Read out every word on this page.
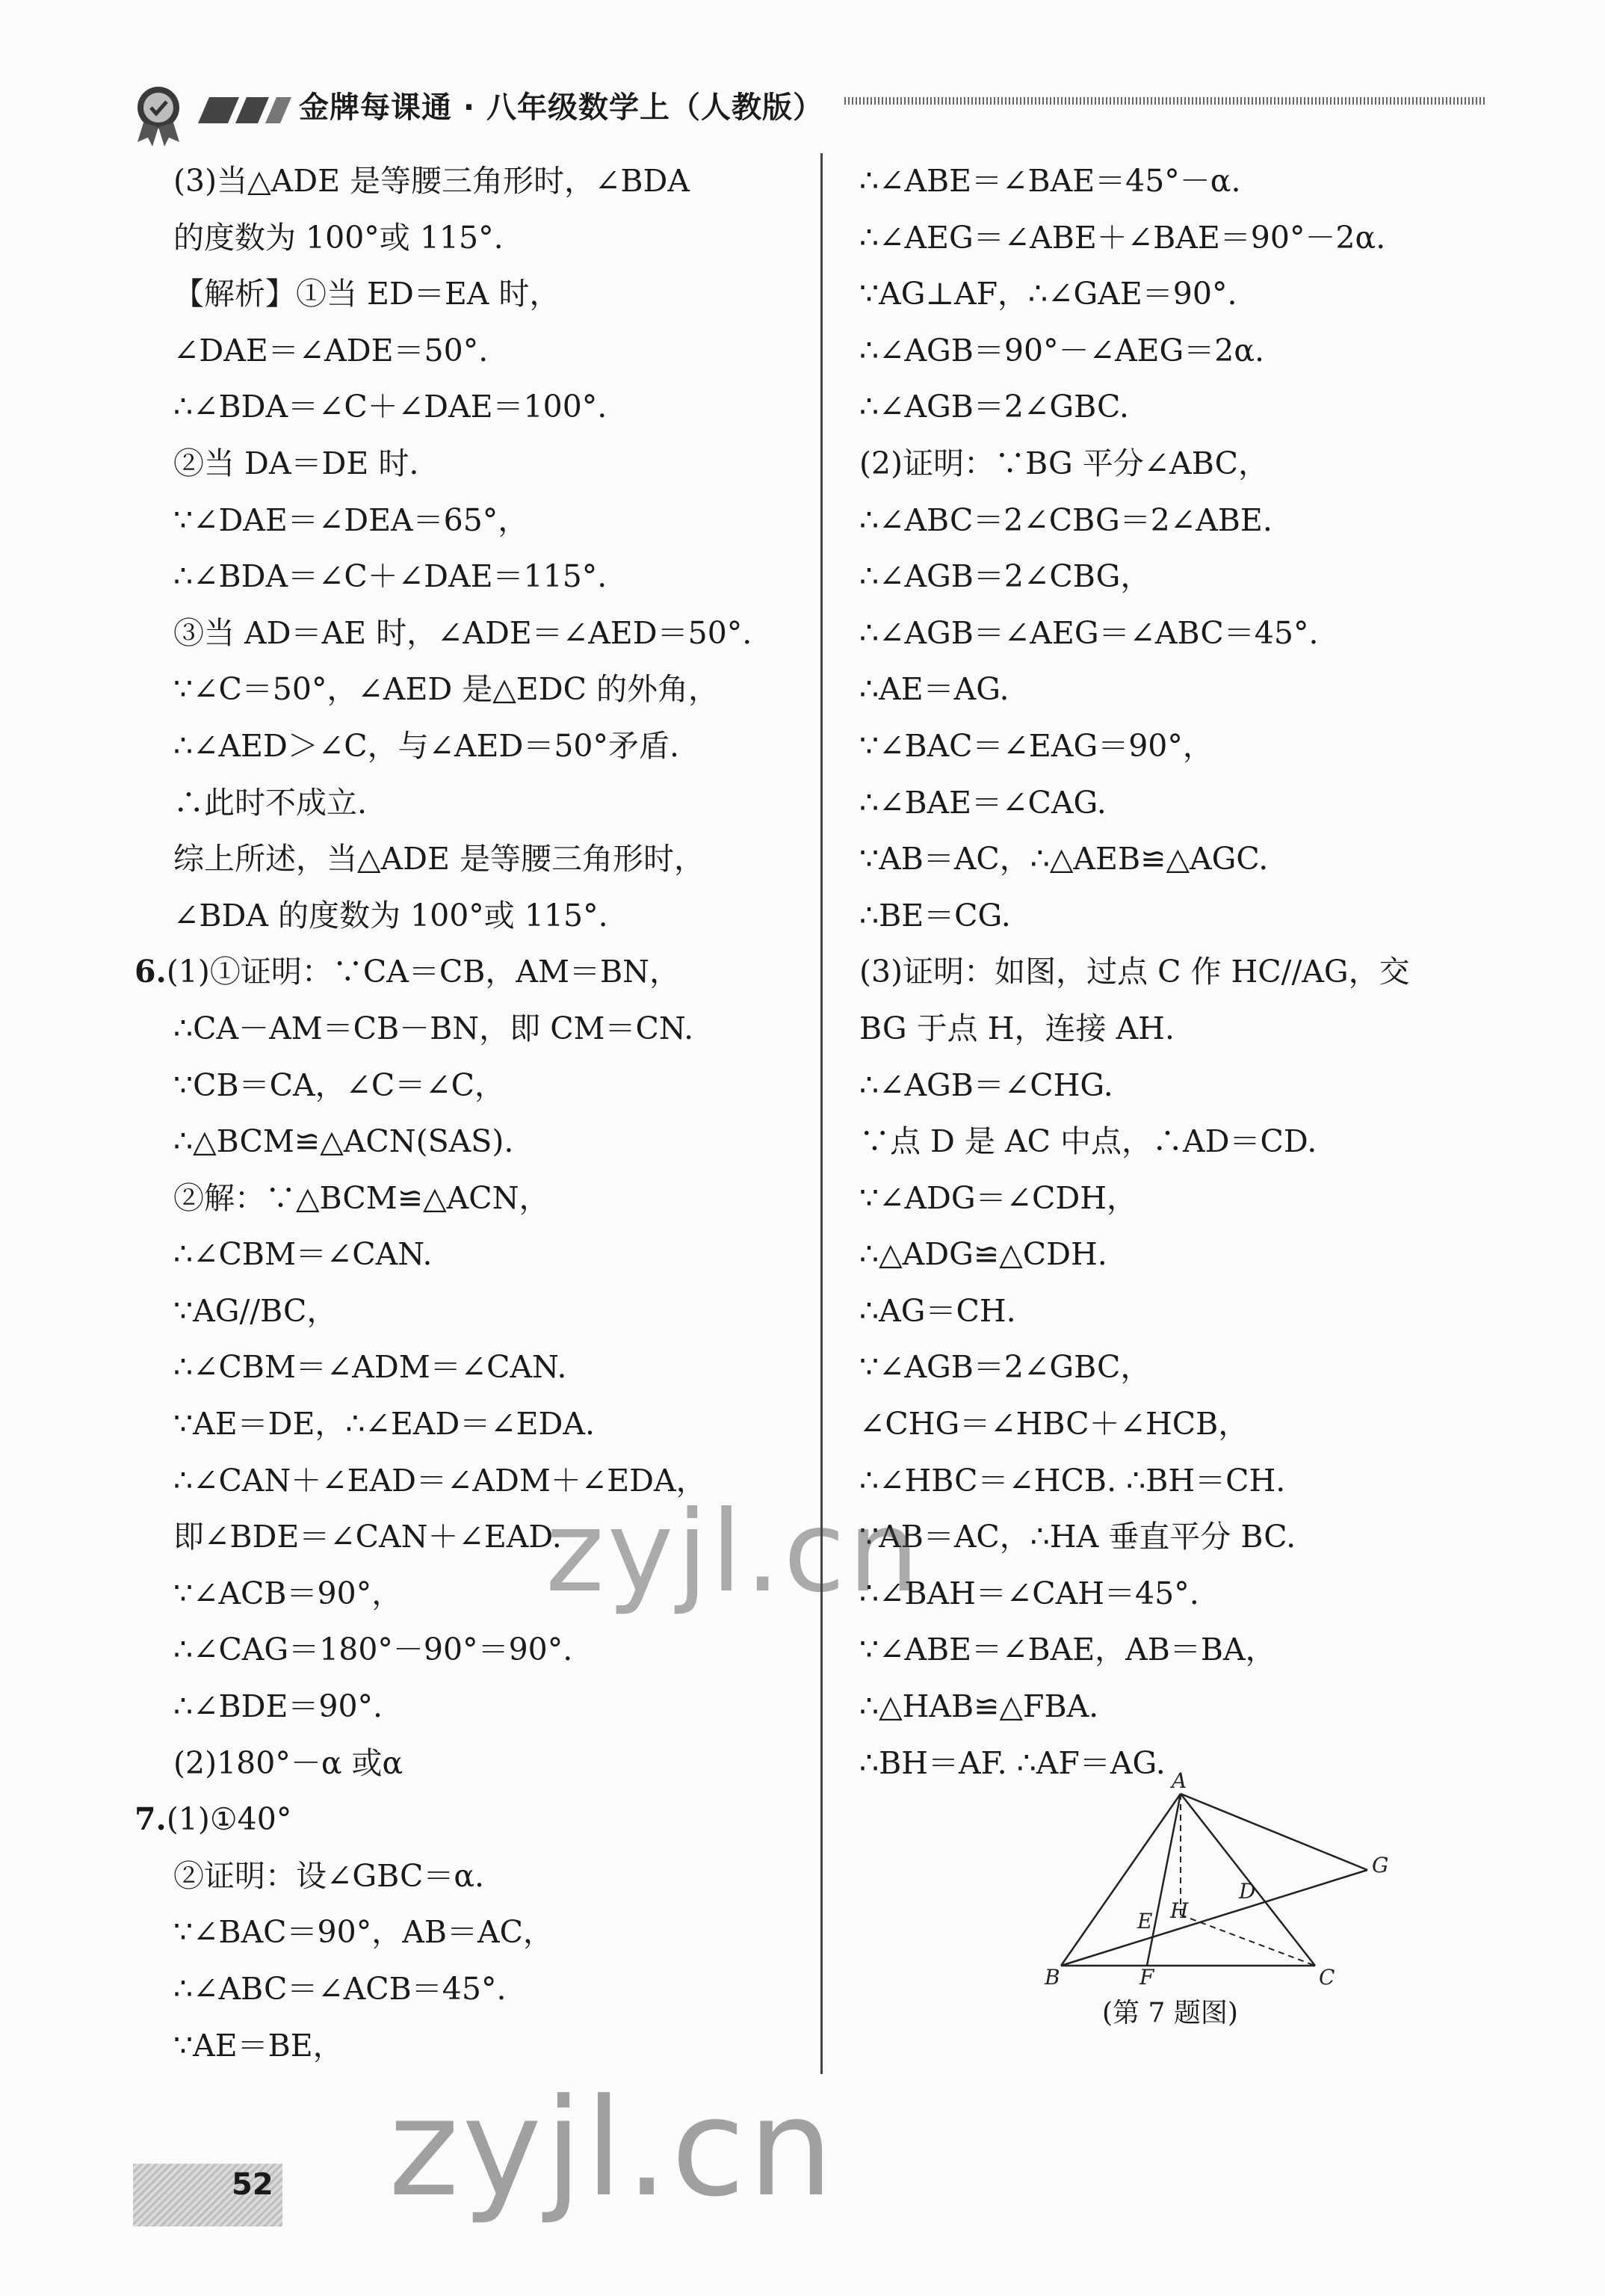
金牌每课通 · 八年级数学上（人教版）
(3)当△ADE 是等腰三角形时，∠BDA
的度数为 100°或 115°.
【解析】①当 ED＝EA 时，
∠DAE＝∠ADE＝50°.
∴∠BDA＝∠C＋∠DAE＝100°.
②当 DA＝DE 时.
∵∠DAE＝∠DEA＝65°，
∴∠BDA＝∠C＋∠DAE＝115°.
③当 AD＝AE 时，∠ADE＝∠AED＝50°.
∵∠C＝50°，∠AED 是△EDC 的外角，
∴∠AED＞∠C，与∠AED＝50°矛盾.
∴此时不成立.
综上所述，当△ADE 是等腰三角形时，
∠BDA 的度数为 100°或 115°.
6.(1)①证明：∵CA＝CB，AM＝BN，
∴CA－AM＝CB－BN，即 CM＝CN.
∵CB＝CA，∠C＝∠C，
∴△BCM≌△ACN(SAS).
②解：∵△BCM≌△ACN，
∴∠CBM＝∠CAN.
∵AG//BC，
∴∠CBM＝∠ADM＝∠CAN.
∵AE＝DE，∴∠EAD＝∠EDA.
∴∠CAN＋∠EAD＝∠ADM＋∠EDA，
即∠BDE＝∠CAN＋∠EAD.
∵∠ACB＝90°，
∴∠CAG＝180°－90°＝90°.
∴∠BDE＝90°.
(2)180°－α 或α
7.(1)①40°
②证明：设∠GBC＝α.
∵∠BAC＝90°，AB＝AC，
∴∠ABC＝∠ACB＝45°.
∵AE＝BE，
∴∠ABE＝∠BAE＝45°－α.
∴∠AEG＝∠ABE＋∠BAE＝90°－2α.
∵AG⊥AF，∴∠GAE＝90°.
∴∠AGB＝90°－∠AEG＝2α.
∴∠AGB＝2∠GBC.
(2)证明：∵BG 平分∠ABC，
∴∠ABC＝2∠CBG＝2∠ABE.
∴∠AGB＝2∠CBG，
∴∠AGB＝∠AEG＝∠ABC＝45°.
∴AE＝AG.
∵∠BAC＝∠EAG＝90°，
∴∠BAE＝∠CAG.
∵AB＝AC，∴△AEB≌△AGC.
∴BE＝CG.
(3)证明：如图，过点 C 作 HC//AG，交
BG 于点 H，连接 AH.
∴∠AGB＝∠CHG.
∵点 D 是 AC 中点，∴AD＝CD.
∵∠ADG＝∠CDH，
∴△ADG≌△CDH.
∴AG＝CH.
∵∠AGB＝2∠GBC，
∠CHG＝∠HBC＋∠HCB，
∴∠HBC＝∠HCB. ∴BH＝CH.
∵AB＝AC，∴HA 垂直平分 BC.
∴∠BAH＝∠CAH＝45°.
∵∠ABE＝∠BAE，AB＝BA，
∴△HAB≌△FBA.
∴BH＝AF. ∴AF＝AG. A
B	C
D
E
F
G
H
(第 7 题图)
52
zyjl.cn
zyjl.cn
